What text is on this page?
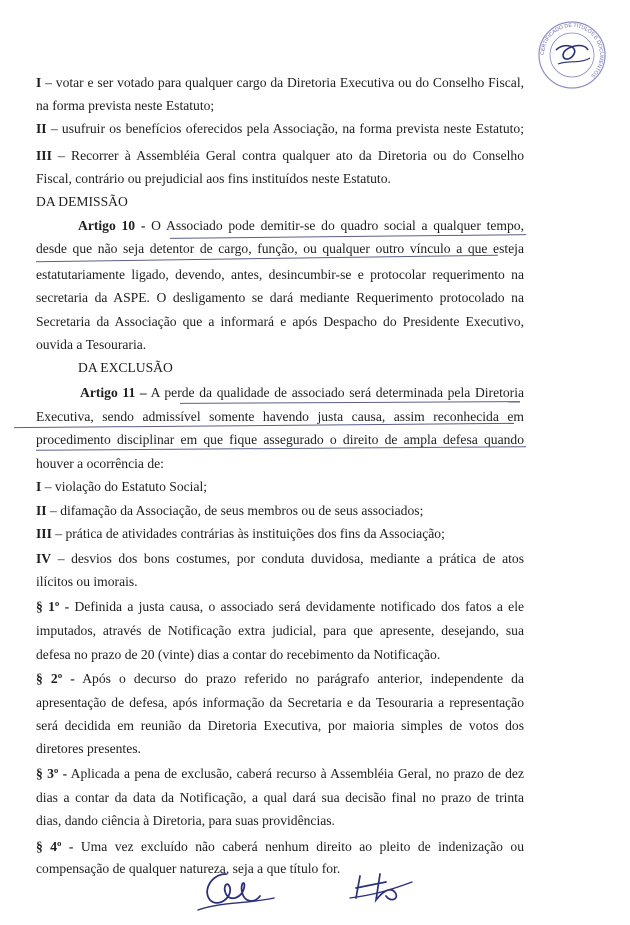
CERTIFICADO DE TÍTULOS E DOCUMENTOS
I – votar e ser votado para qualquer cargo da Diretoria Executiva ou do Conselho Fiscal,
na forma prevista neste Estatuto;
II – usufruir os benefícios oferecidos pela Associação, na forma prevista neste Estatuto;
III – Recorrer à Assembléia Geral contra qualquer ato da Diretoria ou do Conselho
Fiscal, contrário ou prejudicial aos fins instituídos neste Estatuto.
DA DEMISSÃO
Artigo 10 - O Associado pode demitir-se do quadro social a qualquer tempo,
desde que não seja detentor de cargo, função, ou qualquer outro vínculo a que esteja
estatutariamente ligado, devendo, antes, desincumbir-se e protocolar requerimento na
secretaria da ASPE. O desligamento se dará mediante Requerimento protocolado na
Secretaria da Associação que a informará e após Despacho do Presidente Executivo,
ouvida a Tesouraria.
DA EXCLUSÃO
Artigo 11 – A perde da qualidade de associado será determinada pela Diretoria
Executiva, sendo admissível somente havendo justa causa, assim reconhecida em
procedimento disciplinar em que fique assegurado o direito de ampla defesa quando
houver a ocorrência de:
I – violação do Estatuto Social;
II – difamação da Associação, de seus membros ou de seus associados;
III – prática de atividades contrárias às instituições dos fins da Associação;
IV – desvios dos bons costumes, por conduta duvidosa, mediante a prática de atos
ilícitos ou imorais.
§ 1º - Definida a justa causa, o associado será devidamente notificado dos fatos a ele
imputados, através de Notificação extra judicial, para que apresente, desejando, sua
defesa no prazo de 20 (vinte) dias a contar do recebimento da Notificação.
§ 2º - Após o decurso do prazo referido no parágrafo anterior, independente da
apresentação de defesa, após informação da Secretaria e da Tesouraria a representação
será decidida em reunião da Diretoria Executiva, por maioria simples de votos dos
diretores presentes.
§ 3º - Aplicada a pena de exclusão, caberá recurso à Assembléia Geral, no prazo de dez
dias a contar da data da Notificação, a qual dará sua decisão final no prazo de trinta
dias, dando ciência à Diretoria, para suas providências.
§ 4º - Uma vez excluído não caberá nenhum direito ao pleito de indenização ou
compensação de qualquer natureza, seja a que título for.
